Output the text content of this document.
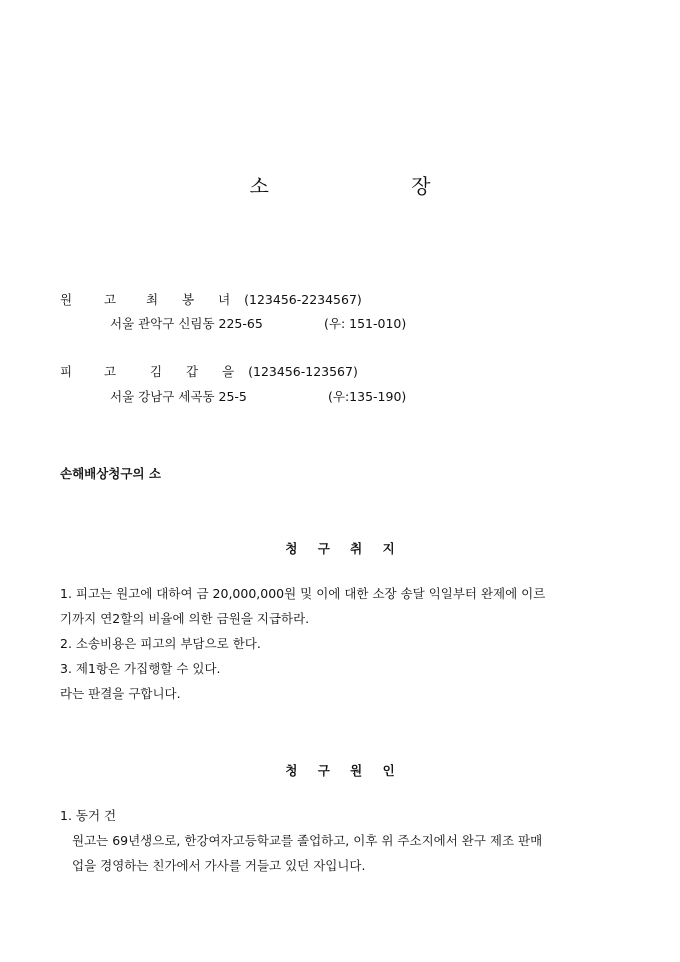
소 장
원 고 최 봉 녀 (123456-2234567)
서울 관악구 신림동 225-65	(우: 151-010)
피 고 김 갑 을 (123456-123567)
서울 강남구 세곡동 25-5	(우:135-190)
손해배상청구의 소
청 구 취 지
1. 피고는 원고에 대하여 금 20,000,000원 및 이에 대한 소장 송달 익일부터 완제에 이르
기까지 연2할의 비율에 의한 금원을 지급하라.
2. 소송비용은 피고의 부담으로 한다.
3. 제1항은 가집행할 수 있다.
라는 판결을 구합니다.
청 구 원 인
1. 동거 건
원고는 69년생으로, 한강여자고등학교를 졸업하고, 이후 위 주소지에서 완구 제조 판매
업을 경영하는 친가에서 가사를 거들고 있던 자입니다.
